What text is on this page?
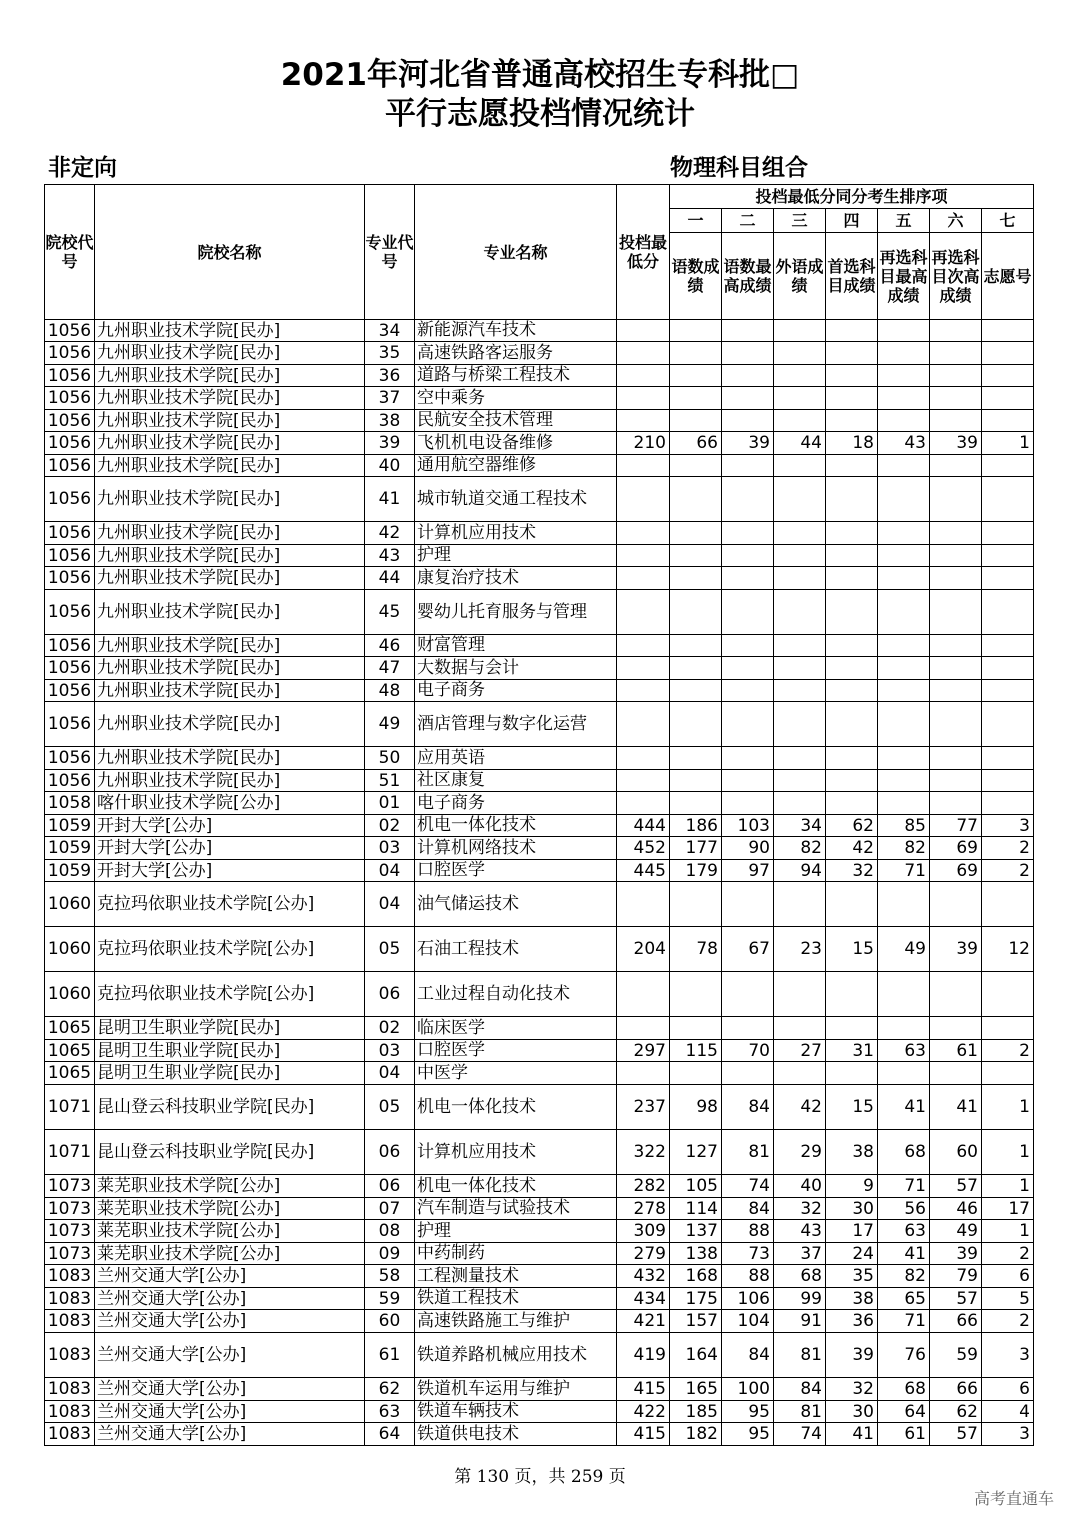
2021年河北省普通高校招生专科批□
平行志愿投档情况统计
非定向	物理科目组合
院校代号	院校名称	专业代号	专业名称	投档最低分	投档最低分同分考生排序项						
					一	二	三	四	五	六	七
					语数成绩	语数最高成绩	外语成绩	首选科目成绩	再选科目最高成绩	再选科目次高成绩	志愿号
1056	九州职业技术学院[民办]	34	新能源汽车技术								
1056	九州职业技术学院[民办]	35	高速铁路客运服务								
1056	九州职业技术学院[民办]	36	道路与桥梁工程技术								
1056	九州职业技术学院[民办]	37	空中乘务								
1056	九州职业技术学院[民办]	38	民航安全技术管理								
1056	九州职业技术学院[民办]	39	飞机机电设备维修	210	66	39	44	18	43	39	1
1056	九州职业技术学院[民办]	40	通用航空器维修								
1056	九州职业技术学院[民办]	41	城市轨道交通工程技术								
1056	九州职业技术学院[民办]	42	计算机应用技术								
1056	九州职业技术学院[民办]	43	护理								
1056	九州职业技术学院[民办]	44	康复治疗技术								
1056	九州职业技术学院[民办]	45	婴幼儿托育服务与管理								
1056	九州职业技术学院[民办]	46	财富管理								
1056	九州职业技术学院[民办]	47	大数据与会计								
1056	九州职业技术学院[民办]	48	电子商务								
1056	九州职业技术学院[民办]	49	酒店管理与数字化运营								
1056	九州职业技术学院[民办]	50	应用英语								
1056	九州职业技术学院[民办]	51	社区康复								
1058	喀什职业技术学院[公办]	01	电子商务								
1059	开封大学[公办]	02	机电一体化技术	444	186	103	34	62	85	77	3
1059	开封大学[公办]	03	计算机网络技术	452	177	90	82	42	82	69	2
1059	开封大学[公办]	04	口腔医学	445	179	97	94	32	71	69	2
1060	克拉玛依职业技术学院[公办]	04	油气储运技术								
1060	克拉玛依职业技术学院[公办]	05	石油工程技术	204	78	67	23	15	49	39	12
1060	克拉玛依职业技术学院[公办]	06	工业过程自动化技术								
1065	昆明卫生职业学院[民办]	02	临床医学								
1065	昆明卫生职业学院[民办]	03	口腔医学	297	115	70	27	31	63	61	2
1065	昆明卫生职业学院[民办]	04	中医学								
1071	昆山登云科技职业学院[民办]	05	机电一体化技术	237	98	84	42	15	41	41	1
1071	昆山登云科技职业学院[民办]	06	计算机应用技术	322	127	81	29	38	68	60	1
1073	莱芜职业技术学院[公办]	06	机电一体化技术	282	105	74	40	9	71	57	1
1073	莱芜职业技术学院[公办]	07	汽车制造与试验技术	278	114	84	32	30	56	46	17
1073	莱芜职业技术学院[公办]	08	护理	309	137	88	43	17	63	49	1
1073	莱芜职业技术学院[公办]	09	中药制药	279	138	73	37	24	41	39	2
1083	兰州交通大学[公办]	58	工程测量技术	432	168	88	68	35	82	79	6
1083	兰州交通大学[公办]	59	铁道工程技术	434	175	106	99	38	65	57	5
1083	兰州交通大学[公办]	60	高速铁路施工与维护	421	157	104	91	36	71	66	2
1083	兰州交通大学[公办]	61	铁道养路机械应用技术	419	164	84	81	39	76	59	3
1083	兰州交通大学[公办]	62	铁道机车运用与维护	415	165	100	84	32	68	66	6
1083	兰州交通大学[公办]	63	铁道车辆技术	422	185	95	81	30	64	62	4
1083	兰州交通大学[公办]	64	铁道供电技术	415	182	95	74	41	61	57	3
第 130 页，共 259 页
高考直通车
